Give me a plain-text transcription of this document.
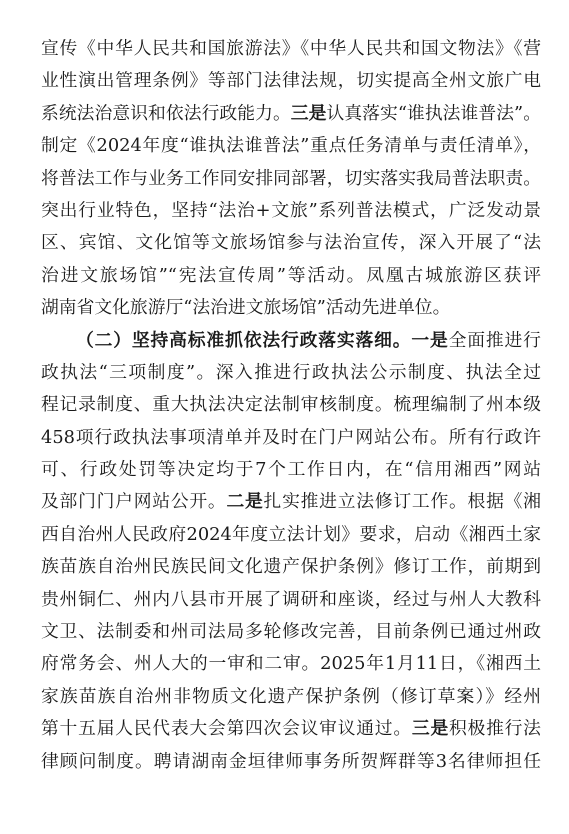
宣传《中华人民共和国旅游法》《中华人民共和国文物法》《营
业性演出管理条例》等部门法律法规，切实提高全州文旅广电
系统法治意识和依法行政能力。三是认真落实“谁执法谁普法”。
制定《2024年度“谁执法谁普法”重点任务清单与责任清单》，
将普法工作与业务工作同安排同部署，切实落实我局普法职责。
突出行业特色，坚持“法治+文旅”系列普法模式，广泛发动景
区、宾馆、文化馆等文旅场馆参与法治宣传，深入开展了“法
治进文旅场馆”“宪法宣传周”等活动。凤凰古城旅游区获评
湖南省文化旅游厅“法治进文旅场馆”活动先进单位。
（二）坚持高标准抓依法行政落实落细。一是全面推进行
政执法“三项制度”。深入推进行政执法公示制度、执法全过
程记录制度、重大执法决定法制审核制度。梳理编制了州本级
458项行政执法事项清单并及时在门户网站公布。所有行政许
可、行政处罚等决定均于7个工作日内，在“信用湘西”网站
及部门门户网站公开。二是扎实推进立法修订工作。根据《湘
西自治州人民政府2024年度立法计划》要求，启动《湘西土家
族苗族自治州民族民间文化遗产保护条例》修订工作，前期到
贵州铜仁、州内八县市开展了调研和座谈，经过与州人大教科
文卫、法制委和州司法局多轮修改完善，目前条例已通过州政
府常务会、州人大的一审和二审。2025年1月11日，《湘西土
家族苗族自治州非物质文化遗产保护条例（修订草案）》经州
第十五届人民代表大会第四次会议审议通过。三是积极推行法
律顾问制度。聘请湖南金垣律师事务所贺辉群等3名律师担任
